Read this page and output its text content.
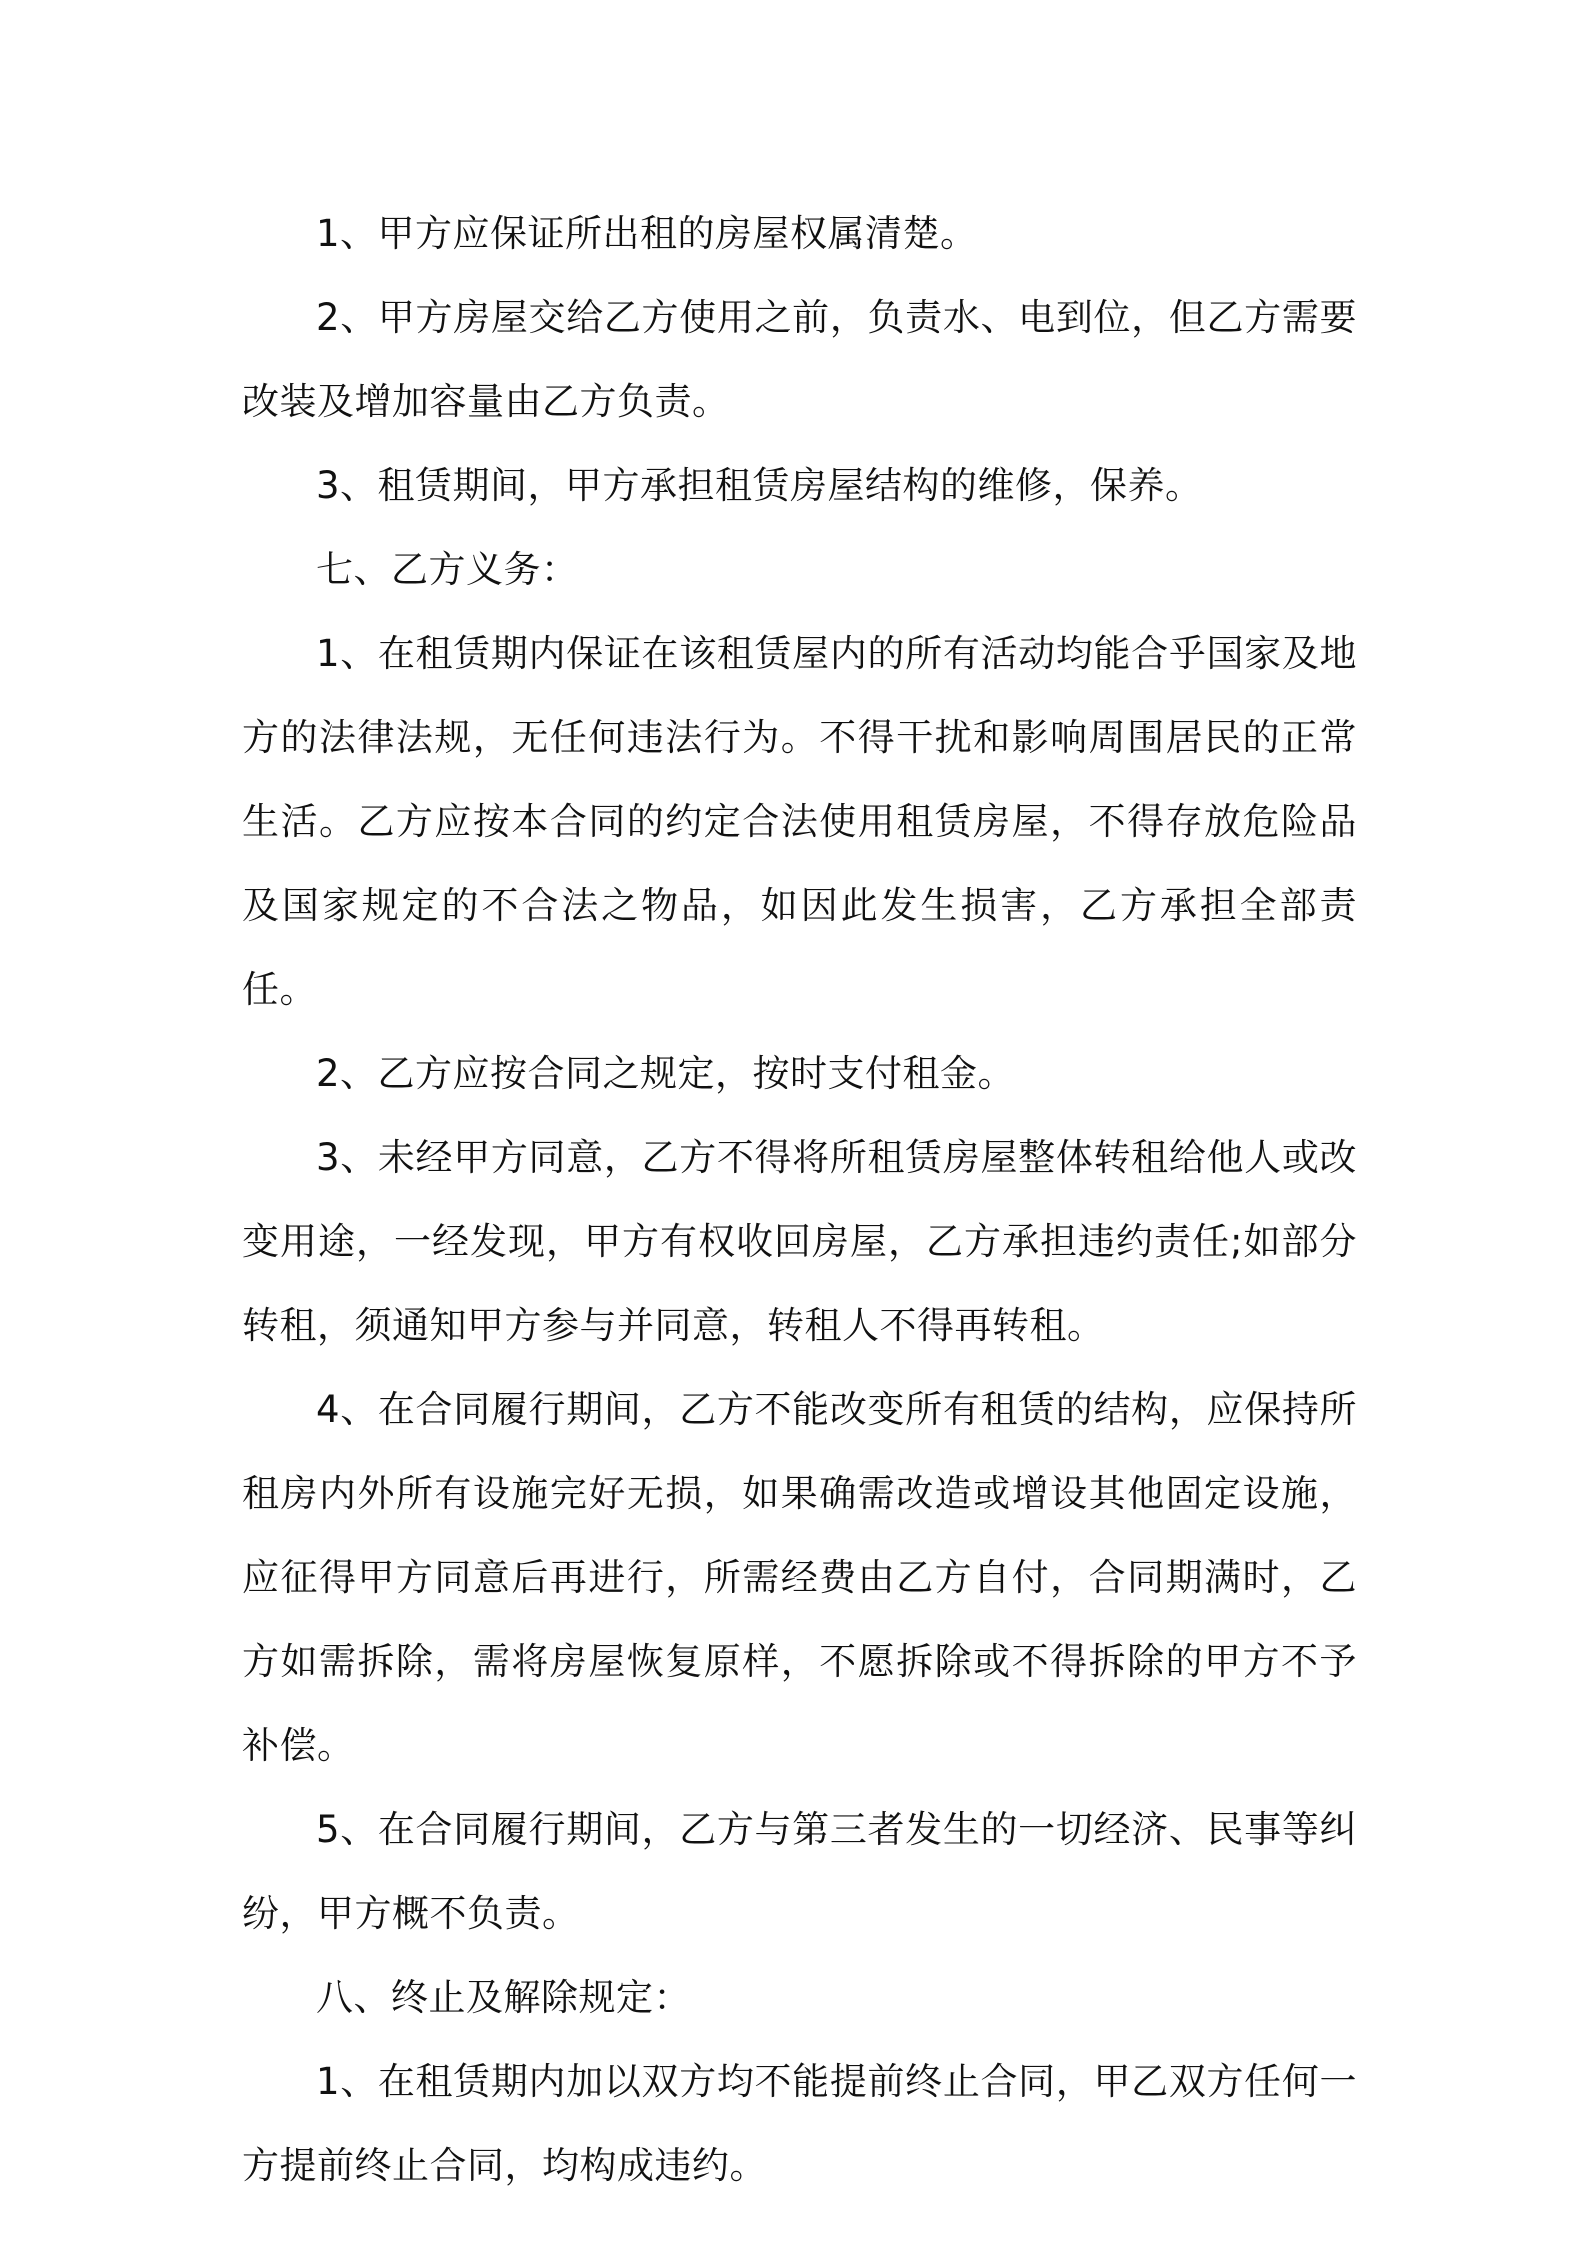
1、甲方应保证所出租的房屋权属清楚。

2、甲方房屋交给乙方使用之前，负责水、电到位，但乙方需要改装及增加容量由乙方负责。

3、租赁期间，甲方承担租赁房屋结构的维修，保养。

七、乙方义务：

1、在租赁期内保证在该租赁屋内的所有活动均能合乎国家及地方的法律法规，无任何违法行为。不得干扰和影响周围居民的正常生活。乙方应按本合同的约定合法使用租赁房屋，不得存放危险品及国家规定的不合法之物品，如因此发生损害，乙方承担全部责任。

2、乙方应按合同之规定，按时支付租金。

3、未经甲方同意，乙方不得将所租赁房屋整体转租给他人或改变用途，一经发现，甲方有权收回房屋，乙方承担违约责任;如部分转租，须通知甲方参与并同意，转租人不得再转租。

4、在合同履行期间，乙方不能改变所有租赁的结构，应保持所租房内外所有设施完好无损，如果确需改造或增设其他固定设施，应征得甲方同意后再进行，所需经费由乙方自付，合同期满时，乙方如需拆除，需将房屋恢复原样，不愿拆除或不得拆除的甲方不予补偿。

5、在合同履行期间，乙方与第三者发生的一切经济、民事等纠纷，甲方概不负责。

八、终止及解除规定：

1、在租赁期内加以双方均不能提前终止合同，甲乙双方任何一方提前终止合同，均构成违约。
